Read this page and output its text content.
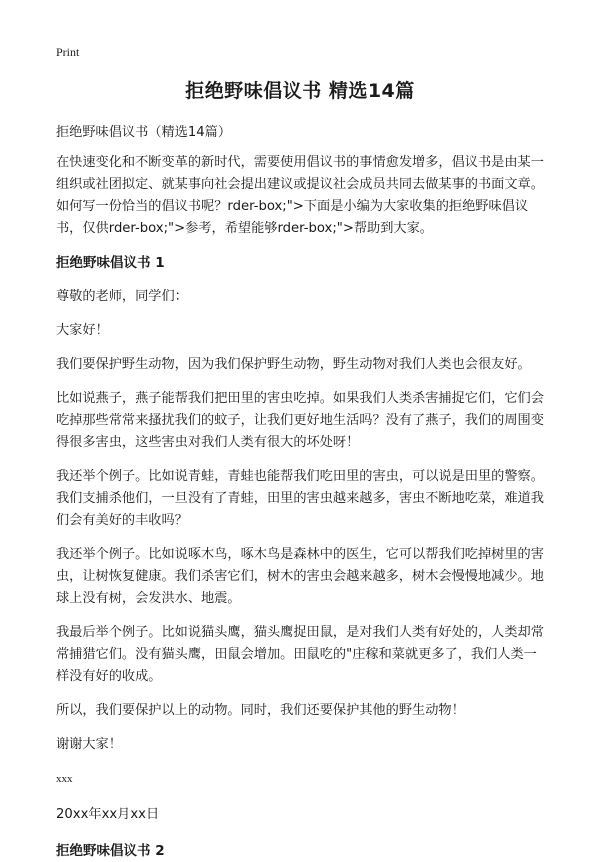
Print
拒绝野味倡议书 精选14篇

拒绝野味倡议书（精选14篇）

在快速变化和不断变革的新时代，需要使用倡议书的事情愈发增多，倡议书是由某一组织或社团拟定、就某事向社会提出建议或提议社会成员共同去做某事的书面文章。如何写一份恰当的倡议书呢？rder-box;">下面是小编为大家收集的拒绝野味倡议书，仅供rder-box;">参考，希望能够rder-box;">帮助到大家。

拒绝野味倡议书 1

尊敬的老师，同学们：

大家好！

我们要保护野生动物，因为我们保护野生动物，野生动物对我们人类也会很友好。

比如说燕子，燕子能帮我们把田里的害虫吃掉。如果我们人类杀害捕捉它们，它们会吃掉那些常常来搔扰我们的蚊子，让我们更好地生活吗？没有了燕子，我们的周围变得很多害虫，这些害虫对我们人类有很大的坏处呀！

我还举个例子。比如说青蛙，青蛙也能帮我们吃田里的害虫，可以说是田里的警察。我们支捕杀他们，一旦没有了青蛙，田里的害虫越来越多，害虫不断地吃菜，难道我们会有美好的丰收吗？

我还举个例子。比如说啄木鸟，啄木鸟是森林中的医生，它可以帮我们吃掉树里的害虫，让树恢复健康。我们杀害它们，树木的害虫会越来越多，树木会慢慢地减少。地球上没有树，会发洪水、地震。

我最后举个例子。比如说猫头鹰，猫头鹰捉田鼠，是对我们人类有好处的，人类却常常捕猎它们。没有猫头鹰，田鼠会增加。田鼠吃的"庄稼和菜就更多了，我们人类一样没有好的收成。

所以，我们要保护以上的动物。同时，我们还要保护其他的野生动物！

谢谢大家！

xxx

20xx年xx月xx日

拒绝野味倡议书 2
